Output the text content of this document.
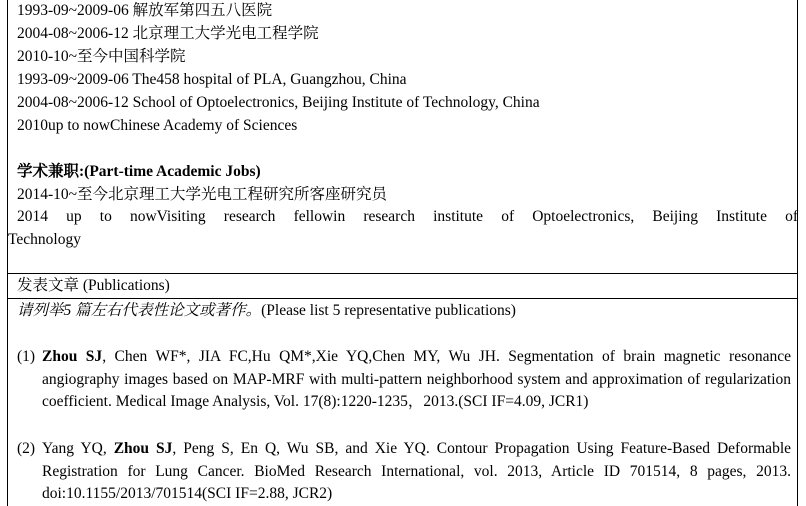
1993-09~2009-06 解放军第四五八医院
2004-08~2006-12 北京理工大学光电工程学院
2010-10~至今中国科学院
1993-09~2009-06 The458 hospital of PLA, Guangzhou, China
2004-08~2006-12 School of Optoelectronics, Beijing Institute of Technology, China
2010up to nowChinese Academy of Sciences
学术兼职:(Part-time Academic Jobs)
2014-10~至今北京理工大学光电工程研究所客座研究员
2014 up to nowVisiting research fellowin research institute of Optoelectronics, Beijing Institute of
Technology
发表文章 (Publications)
请列举5 篇左右代表性论文或著作。(Please list 5 representative publications)
(1) Zhou SJ, Chen WF*, JIA FC,Hu QM*,Xie YQ,Chen MY, Wu JH. Segmentation of brain magnetic resonance angiography images based on MAP-MRF with multi-pattern neighborhood system and approximation of regularization coefficient. Medical Image Analysis, Vol. 17(8):1220-1235，2013.(SCI IF=4.09, JCR1)
(2) Yang YQ, Zhou SJ, Peng S, En Q, Wu SB, and Xie YQ. Contour Propagation Using Feature-Based Deformable Registration for Lung Cancer. BioMed Research International, vol. 2013, Article ID 701514, 8 pages, 2013. doi:10.1155/2013/701514(SCI IF=2.88, JCR2)
